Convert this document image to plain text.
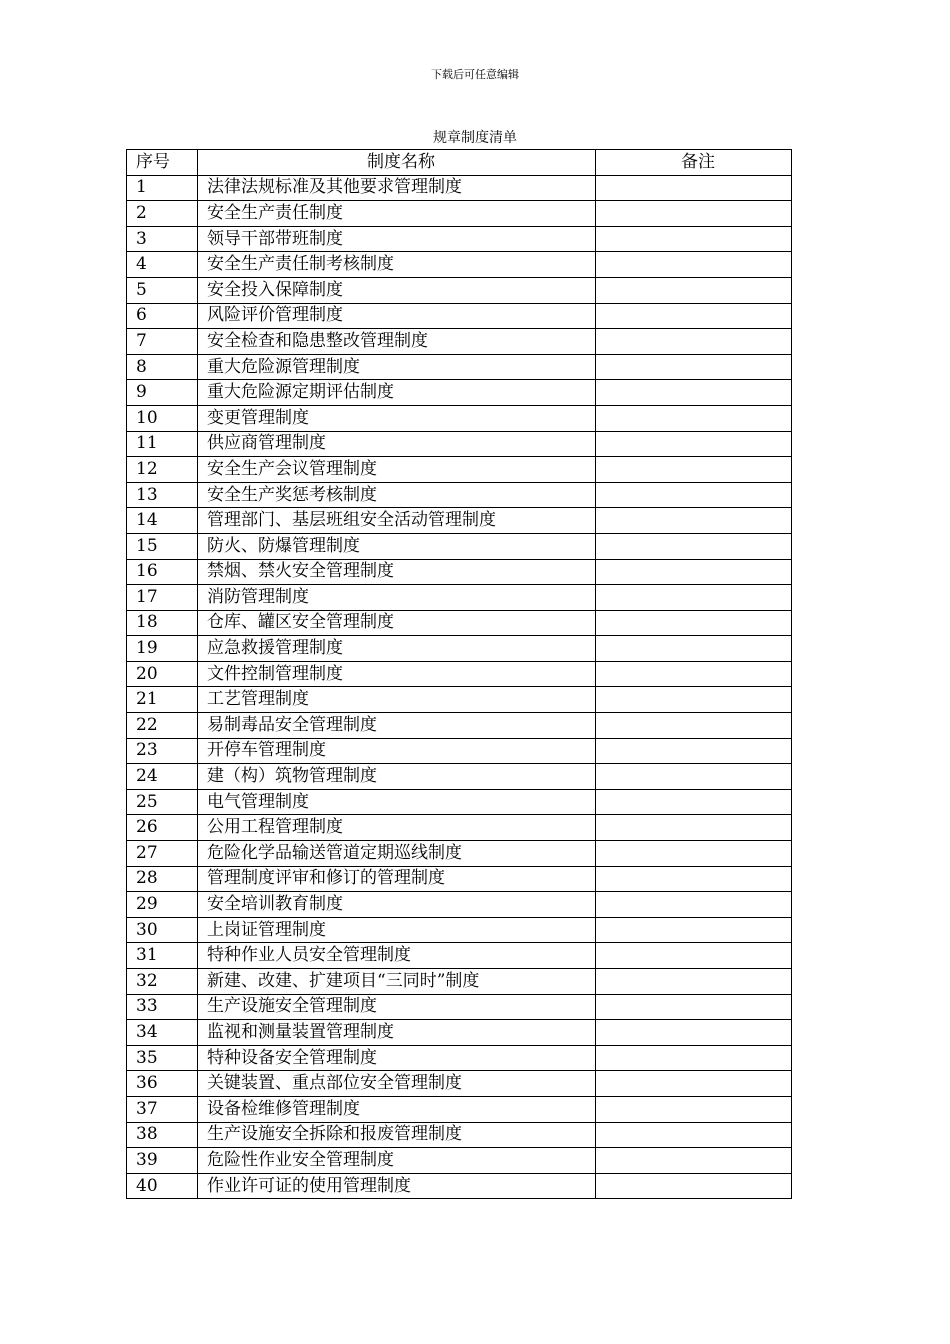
下载后可任意编辑
规章制度清单
序号	制度名称	备注
1	法律法规标准及其他要求管理制度	
2	安全生产责任制度	
3	领导干部带班制度	
4	安全生产责任制考核制度	
5	安全投入保障制度	
6	风险评价管理制度	
7	安全检查和隐患整改管理制度	
8	重大危险源管理制度	
9	重大危险源定期评估制度	
10	变更管理制度	
11	供应商管理制度	
12	安全生产会议管理制度	
13	安全生产奖惩考核制度	
14	管理部门、基层班组安全活动管理制度	
15	防火、防爆管理制度	
16	禁烟、禁火安全管理制度	
17	消防管理制度	
18	仓库、罐区安全管理制度	
19	应急救援管理制度	
20	文件控制管理制度	
21	工艺管理制度	
22	易制毒品安全管理制度	
23	开停车管理制度	
24	建（构）筑物管理制度	
25	电气管理制度	
26	公用工程管理制度	
27	危险化学品输送管道定期巡线制度	
28	管理制度评审和修订的管理制度	
29	安全培训教育制度	
30	上岗证管理制度	
31	特种作业人员安全管理制度	
32	新建、改建、扩建项目“三同时”制度	
33	生产设施安全管理制度	
34	监视和测量装置管理制度	
35	特种设备安全管理制度	
36	关键装置、重点部位安全管理制度	
37	设备检维修管理制度	
38	生产设施安全拆除和报废管理制度	
39	危险性作业安全管理制度	
40	作业许可证的使用管理制度	
